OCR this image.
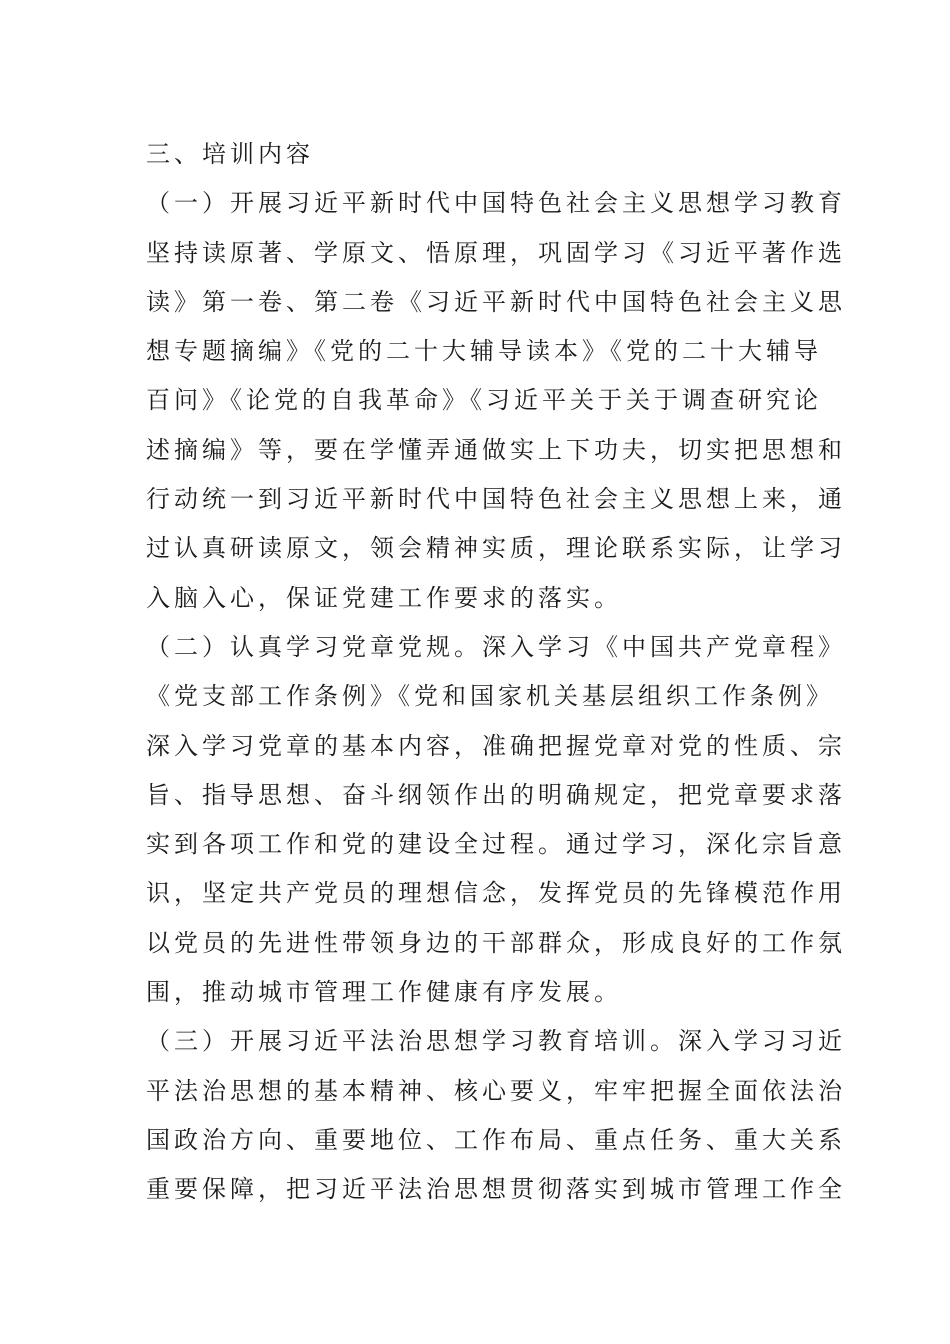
三、培训内容
（一）开展习近平新时代中国特色社会主义思想学习教育
坚持读原著、学原文、悟原理，巩固学习《习近平著作选
读》第一卷、第二卷《习近平新时代中国特色社会主义思
想专题摘编》《党的二十大辅导读本》《党的二十大辅导
百问》《论党的自我革命》《习近平关于关于调查研究论
述摘编》等，要在学懂弄通做实上下功夫，切实把思想和
行动统一到习近平新时代中国特色社会主义思想上来，通
过认真研读原文，领会精神实质，理论联系实际，让学习
入脑入心，保证党建工作要求的落实。
（二）认真学习党章党规。深入学习《中国共产党章程》
《党支部工作条例》《党和国家机关基层组织工作条例》
深入学习党章的基本内容，准确把握党章对党的性质、宗
旨、指导思想、奋斗纲领作出的明确规定，把党章要求落
实到各项工作和党的建设全过程。通过学习，深化宗旨意
识，坚定共产党员的理想信念，发挥党员的先锋模范作用
以党员的先进性带领身边的干部群众，形成良好的工作氛
围，推动城市管理工作健康有序发展。
（三）开展习近平法治思想学习教育培训。深入学习习近
平法治思想的基本精神、核心要义，牢牢把握全面依法治
国政治方向、重要地位、工作布局、重点任务、重大关系
重要保障，把习近平法治思想贯彻落实到城市管理工作全
